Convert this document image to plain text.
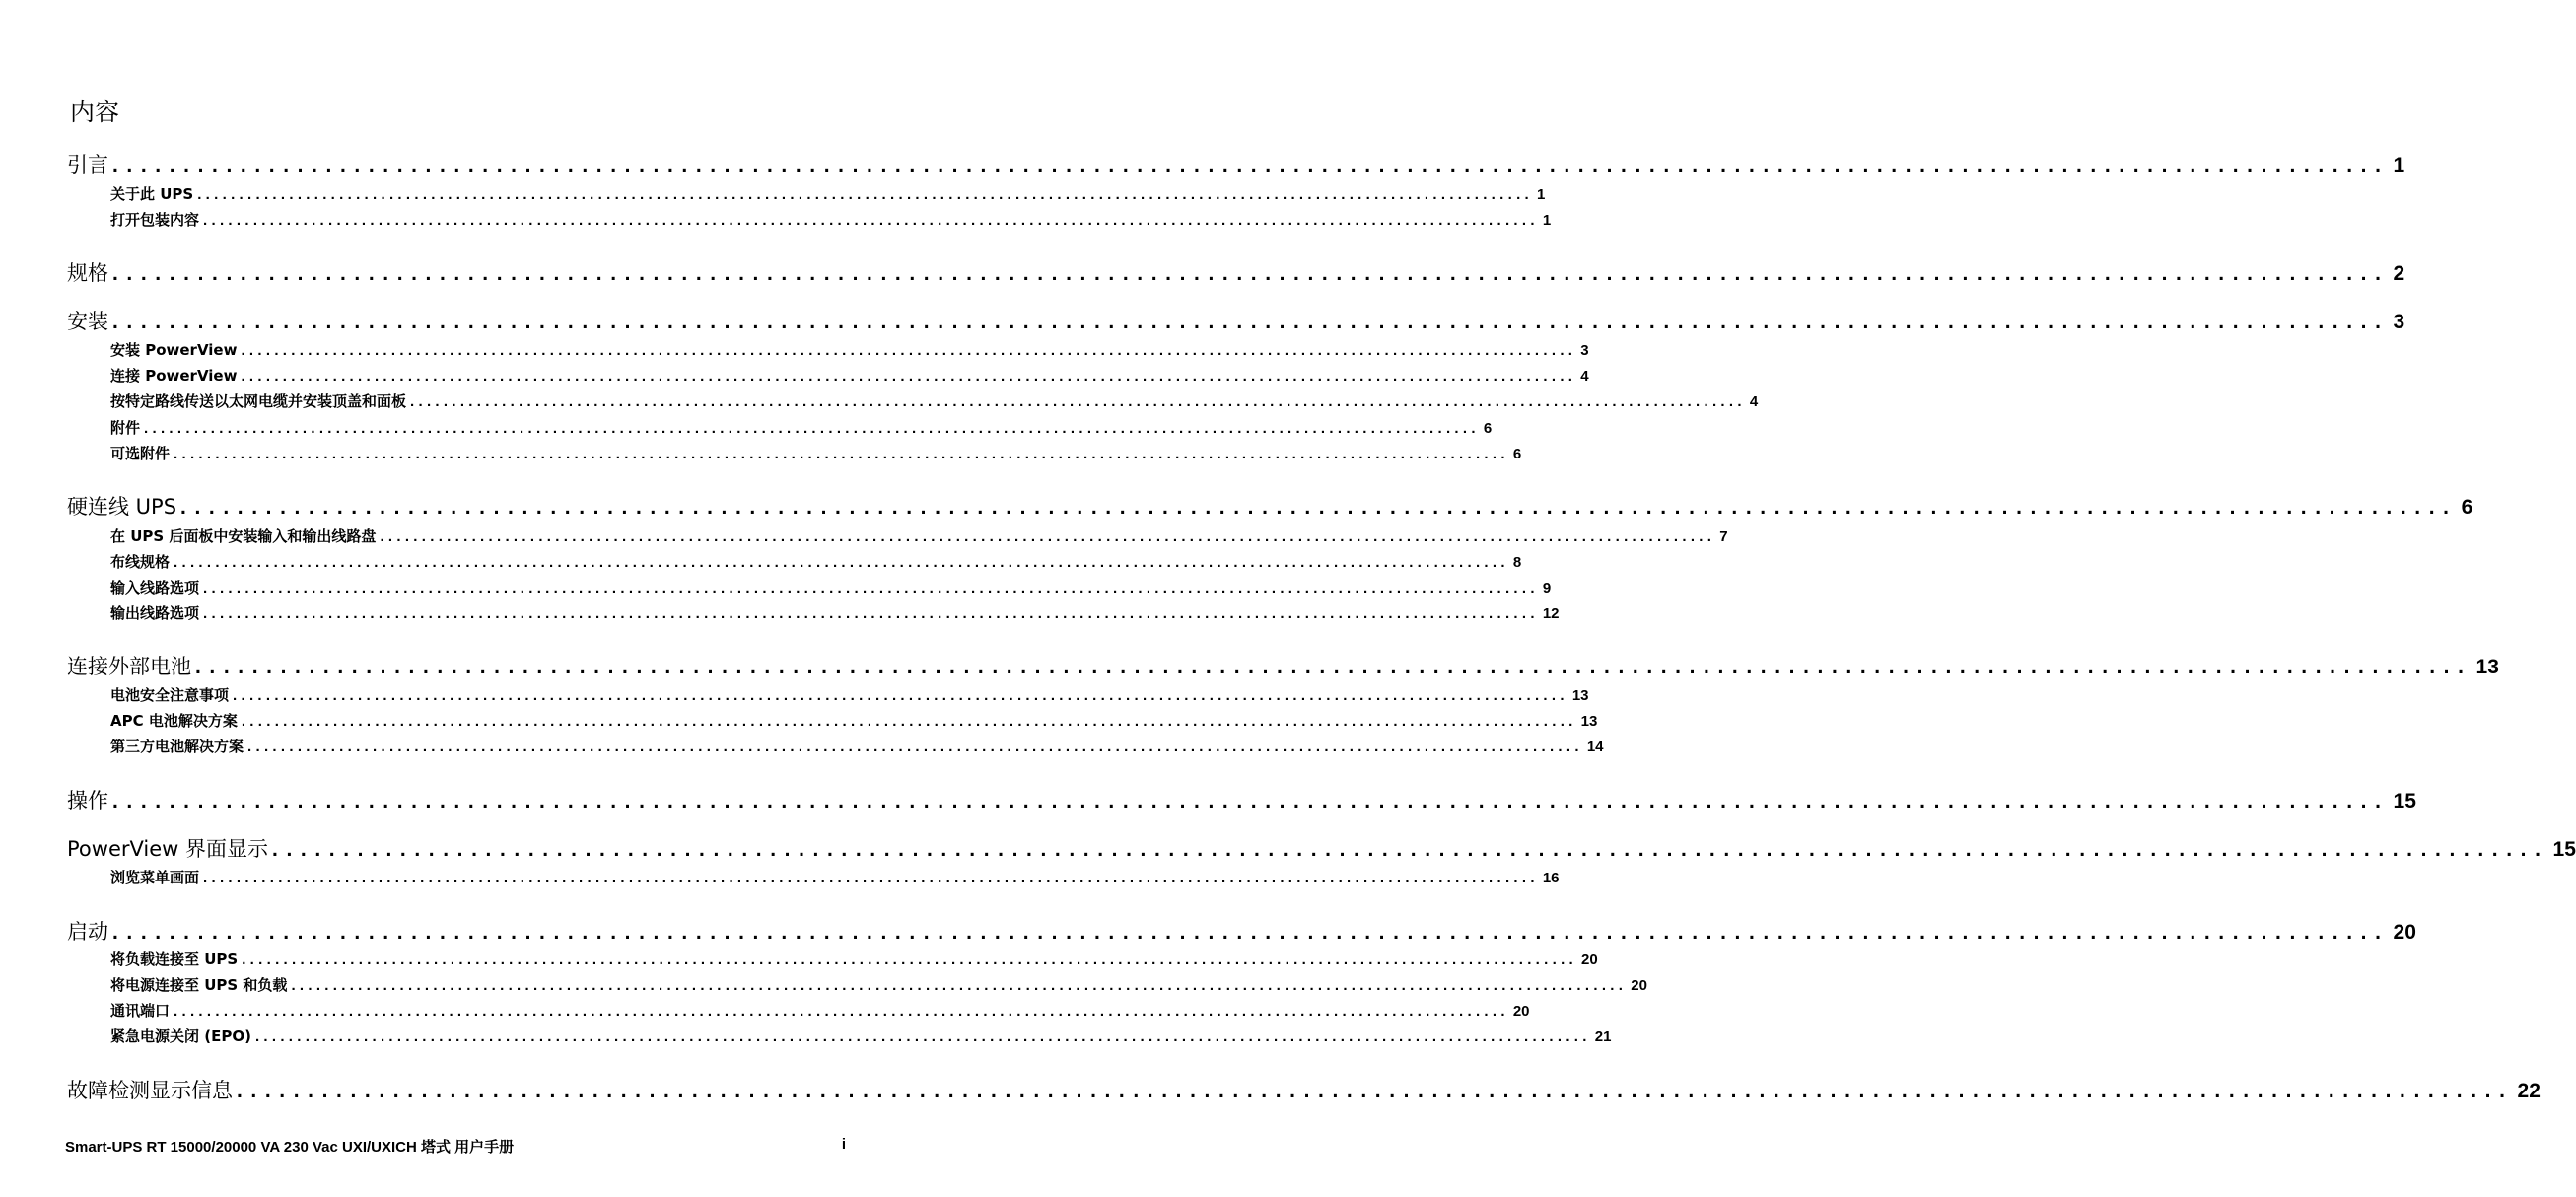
内容
引言 ................................................................................................................................................................ 1
关于此 UPS ................................................................................................................................................................ 1
打开包装内容 ................................................................................................................................................................ 1
规格 ................................................................................................................................................................ 2
安装 ................................................................................................................................................................ 3
安装 PowerView ................................................................................................................................................................ 3
连接 PowerView ................................................................................................................................................................ 4
按特定路线传送以太网电缆并安装顶盖和面板 ................................................................................................................................................................ 4
附件 ................................................................................................................................................................ 6
可选附件 ................................................................................................................................................................ 6
硬连线 UPS ................................................................................................................................................................ 6
在 UPS 后面板中安装输入和输出线路盘 ................................................................................................................................................................ 7
布线规格 ................................................................................................................................................................ 8
输入线路选项 ................................................................................................................................................................ 9
输出线路选项 ................................................................................................................................................................ 12
连接外部电池 ................................................................................................................................................................ 13
电池安全注意事项 ................................................................................................................................................................ 13
APC 电池解决方案 ................................................................................................................................................................ 13
第三方电池解决方案 ................................................................................................................................................................ 14
操作 ................................................................................................................................................................ 15
PowerView 界面显示 ................................................................................................................................................................ 15
浏览菜单画面 ................................................................................................................................................................ 16
启动 ................................................................................................................................................................ 20
将负载连接至 UPS ................................................................................................................................................................ 20
将电源连接至 UPS 和负载 ................................................................................................................................................................ 20
通讯端口 ................................................................................................................................................................ 20
紧急电源关闭 (EPO) ................................................................................................................................................................ 21
故障检测显示信息 ................................................................................................................................................................ 22
Smart-UPS RT 15000/20000 VA 230 Vac UXI/UXICH 塔式 用户手册	i
